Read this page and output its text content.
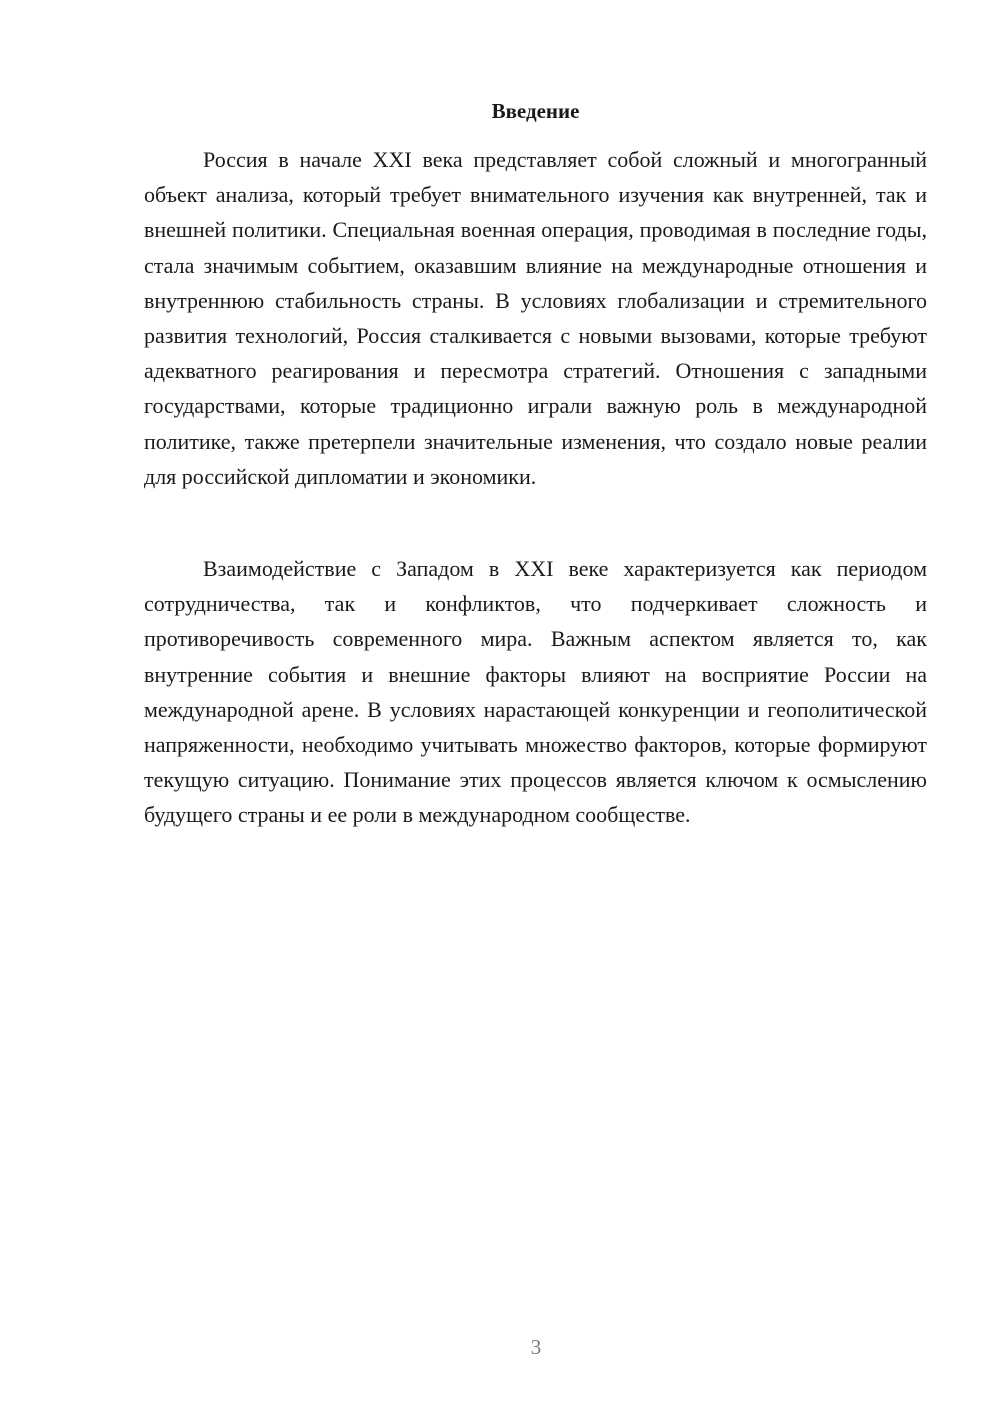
Введение

Россия в начале XXI века представляет собой сложный и многогранный объект анализа, который требует внимательного изучения как внутренней, так и внешней политики. Специальная военная операция, проводимая в последние годы, стала значимым событием, оказавшим влияние на международные отношения и внутреннюю стабильность страны. В условиях глобализации и стремительного развития технологий, Россия сталкивается с новыми вызовами, которые требуют адекватного реагирования и пересмотра стратегий. Отношения с западными государствами, которые традиционно играли важную роль в международной политике, также претерпели значительные изменения, что создало новые реалии для российской дипломатии и экономики.

Взаимодействие с Западом в XXI веке характеризуется как периодом сотрудничества, так и конфликтов, что подчеркивает сложность и противоречивость современного мира. Важным аспектом является то, как внутренние события и внешние факторы влияют на восприятие России на международной арене. В условиях нарастающей конкуренции и геополитической напряженности, необходимо учитывать множество факторов, которые формируют текущую ситуацию. Понимание этих процессов является ключом к осмыслению будущего страны и ее роли в международном сообществе.

3
